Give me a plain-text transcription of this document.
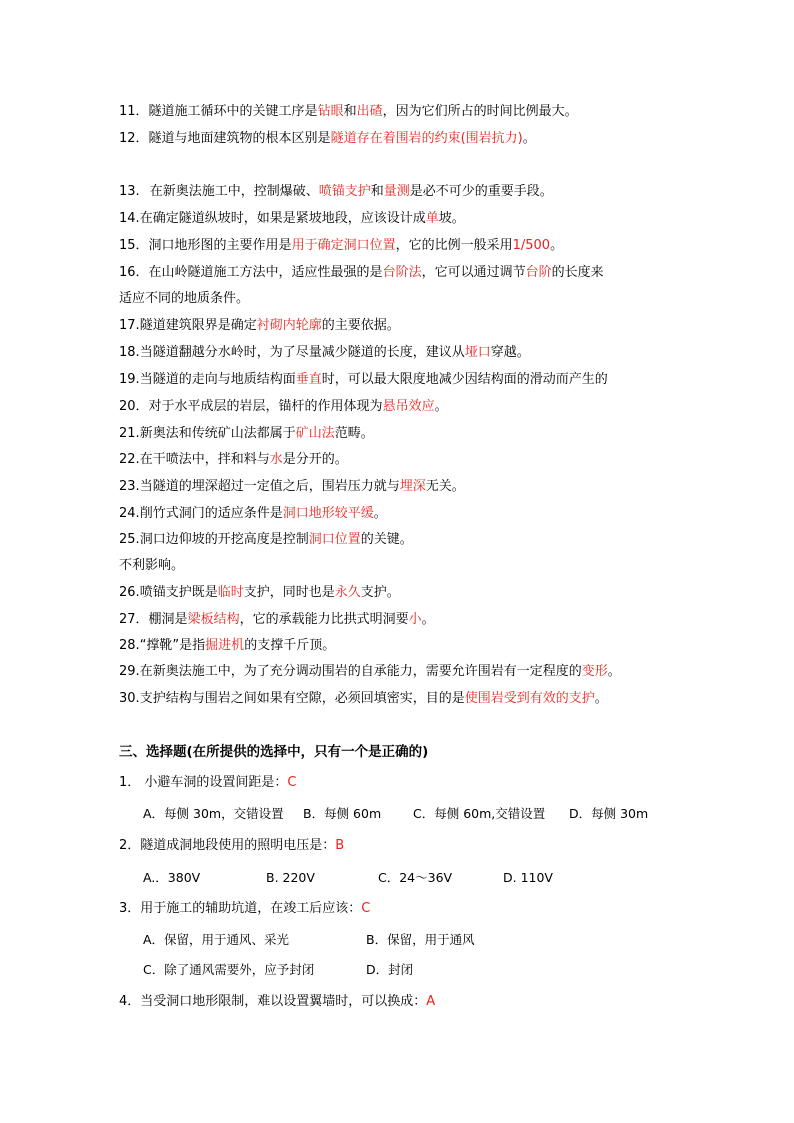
11．隧道施工循环中的关键工序是钻眼和出碴，因为它们所占的时间比例最大。
12．隧道与地面建筑物的根本区别是隧道存在着围岩的约束(围岩抗力)。
13. 在新奥法施工中，控制爆破、喷锚支护和量测是必不可少的重要手段。
14.在确定隧道纵坡时，如果是紧坡地段，应该设计成单坡。
15．洞口地形图的主要作用是用于确定洞口位置，它的比例一般采用1/500。
16．在山岭隧道施工方法中，适应性最强的是台阶法，它可以通过调节台阶的长度来
适应不同的地质条件。
17.隧道建筑限界是确定衬砌内轮廓的主要依据。
18.当隧道翻越分水岭时，为了尽量减少隧道的长度，建议从垭口穿越。
19.当隧道的走向与地质结构面垂直时，可以最大限度地减少因结构面的滑动而产生的
20．对于水平成层的岩层，锚杆的作用体现为悬吊效应。
21.新奥法和传统矿山法都属于矿山法范畴。
22.在干喷法中，拌和料与水是分开的。
23.当隧道的埋深超过一定值之后，围岩压力就与埋深无关。
24.削竹式洞门的适应条件是洞口地形较平缓。
25.洞口边仰坡的开挖高度是控制洞口位置的关键。
不利影响。
26.喷锚支护既是临时支护，同时也是永久支护。
27．棚洞是梁板结构，它的承载能力比拱式明洞要小。
28.“撑靴”是指掘进机的支撑千斤顶。
29.在新奥法施工中，为了充分调动围岩的自承能力，需要允许围岩有一定程度的变形。
30.支护结构与围岩之间如果有空隙，必须回填密实，目的是使围岩受到有效的支护。
三、选择题(在所提供的选择中，只有一个是正确的)
1． 小避车洞的设置间距是：C
A．每侧 30m，交错设置 B．每侧 60m	C．每侧 60m,交错设置 D．每侧 30m
2．隧道成洞地段使用的照明电压是：B
A.．380V	B. 220V	C．24～36V	D. 110V
3．用于施工的辅助坑道，在竣工后应该：C
A．保留，用于通风、采光	B．保留，用于通风
C．除了通风需要外，应予封闭	D．封闭
4．当受洞口地形限制，难以设置翼墙时，可以换成：A
